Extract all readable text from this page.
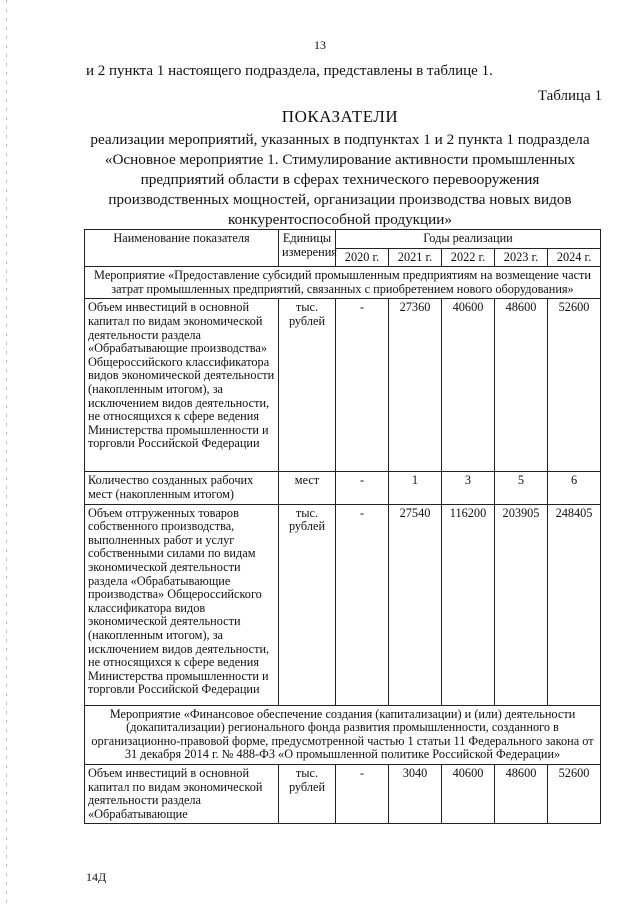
13
и 2 пункта 1 настоящего подраздела, представлены в таблице 1.
Таблица 1
ПОКАЗАТЕЛИ
реализации мероприятий, указанных в подпунктах 1 и 2 пункта 1 подраздела «Основное мероприятие 1. Стимулирование активности промышленных предприятий области в сферах технического перевооружения производственных мощностей, организации производства новых видов конкурентоспособной продукции»
Наименование показателя	Единицы измерения	Годы реализации				
		2020 г.	2021 г.	2022 г.	2023 г.	2024 г.
Мероприятие «Предоставление субсидий промышленным предприятиям на возмещение части затрат промышленных предприятий, связанных с приобретением нового оборудования»						
Объем инвестиций в основной капитал по видам экономической деятельности раздела «Обрабатывающие производства» Общероссийского классификатора видов экономической деятельности (накопленным итогом), за исключением видов деятельности, не относящихся к сфере ведения Министерства промышленности и торговли Российской Федерации	тыс. рублей	-	27360	40600	48600	52600
Количество созданных рабочих мест (накопленным итогом)	мест	-	1	3	5	6
Объем отгруженных товаров собственного производства, выполненных работ и услуг собственными силами по видам экономической деятельности раздела «Обрабатывающие производства» Общероссийского классификатора видов экономической деятельности (накопленным итогом), за исключением видов деятельности, не относящихся к сфере ведения Министерства промышленности и торговли Российской Федерации	тыс. рублей	-	27540	116200	203905	248405
Мероприятие «Финансовое обеспечение создания (капитализации) и (или) деятельности (докапитализации) регионального фонда развития промышленности, созданного в организационно-правовой форме, предусмотренной частью 1 статьи 11 Федерального закона от 31 декабря 2014 г. № 488-ФЗ «О промышленной политике Российской Федерации»						
Объем инвестиций в основной капитал по видам экономической деятельности раздела «Обрабатывающие	тыс. рублей	-	3040	40600	48600	52600
14Д
